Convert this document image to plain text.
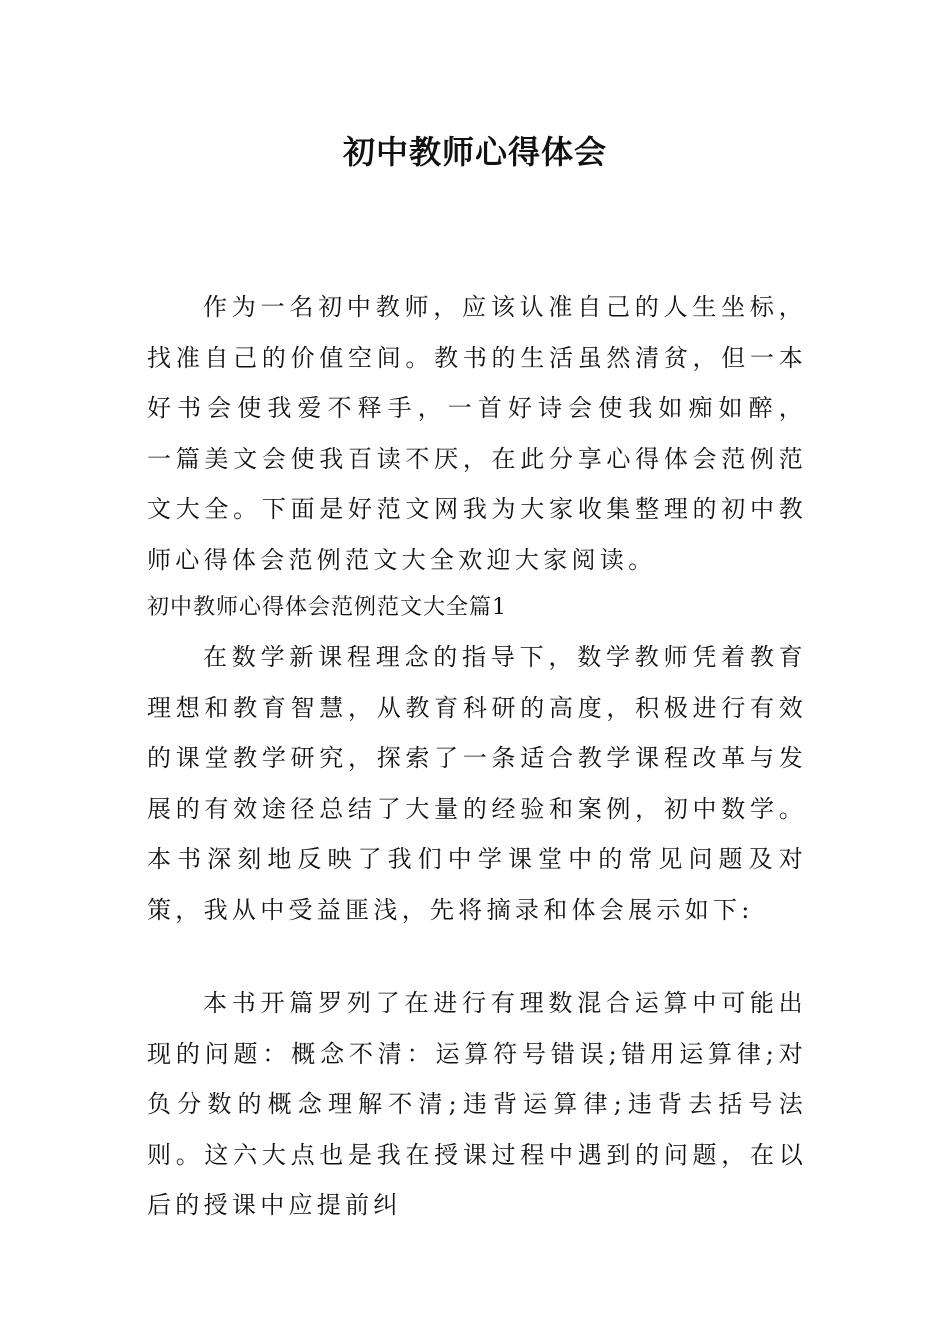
初中教师心得体会

作为一名初中教师，应该认准自己的人生坐标，找准自己的价值空间。教书的生活虽然清贫，但一本好书会使我爱不释手，一首好诗会使我如痴如醉， 一篇美文会使我百读不厌，在此分享心得体会范例范文大全。下面是好范文网我为大家收集整理的初中教师心得体会范例范文大全欢迎大家阅读。

初中教师心得体会范例范文大全篇1

在数学新课程理念的指导下，数学教师凭着教育理想和教育智慧，从教育科研的高度，积极进行有效的课堂教学研究，探索了一条适合教学课程改革与发展的有效途径总结了大量的经验和案例，初中数学。本书深刻地反映了我们中学课堂中的常见问题及对策，我从中受益匪浅，先将摘录和体会展示如下:

本书开篇罗列了在进行有理数混合运算中可能出现的问题：概念不清：运算符号错误;错用运算律;对负分数的概念理解不清;违背运算律;违背去括号法则。这六大点也是我在授课过程中遇到的问题，在以后的授课中应提前纠
